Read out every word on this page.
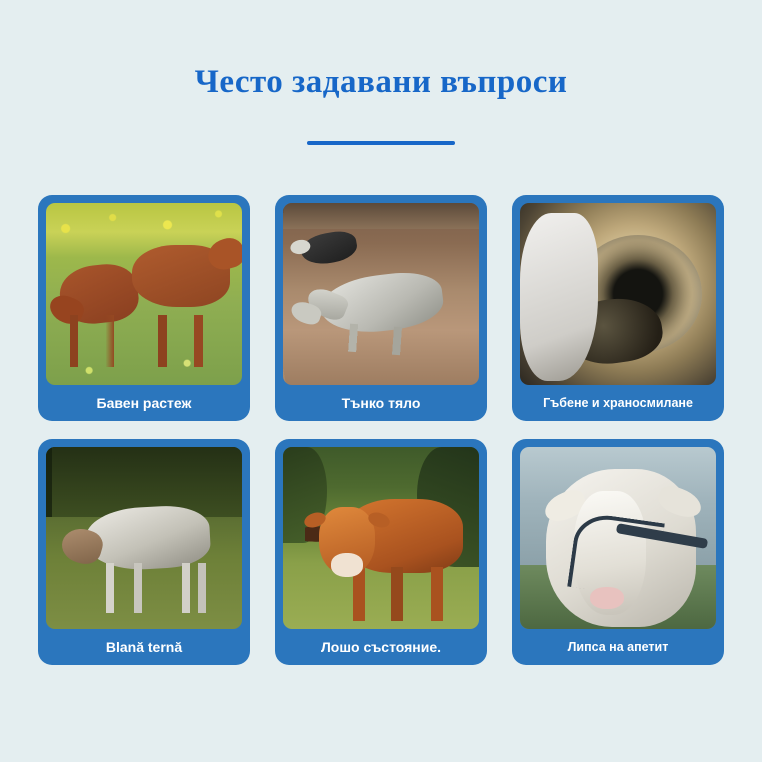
Често задавани въпроси
Бавен растеж	Тънко тяло	Гъбене и храносмилане
Blană ternă	Лошо състояние.	Липса на апетит
